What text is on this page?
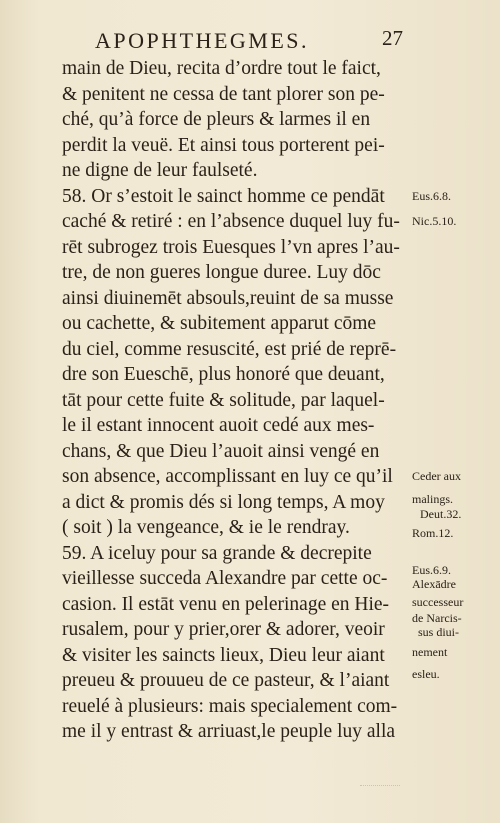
APOPHTHEGMES.	27
main de Dieu, recita d’ordre tout le faict,
& penitent ne cessa de tant plorer son pe-
ché, qu’à force de pleurs & larmes il en
perdit la veuë. Et ainsi tous porterent pei-
ne digne de leur faulseté.
58. Or s’estoit le sainct homme ce pendāt
caché & retiré : en l’absence duquel luy fu-
rēt subrogez trois Euesques l’vn apres l’au-
tre, de non gueres longue duree. Luy dōc
ainsi diuinemēt absouls,reuint de sa musse
ou cachette, & subitement apparut cōme
du ciel, comme resuscité, est prié de reprē-
dre son Eueschē, plus honoré que deuant,
tāt pour cette fuite & solitude, par laquel-
le il estant innocent auoit cedé aux mes-
chans, & que Dieu l’auoit ainsi vengé en
son absence, accomplissant en luy ce qu’il
a dict & promis dés si long temps, A moy
( soit ) la vengeance, & ie le rendray.
59. A iceluy pour sa grande & decrepite
vieillesse succeda Alexandre par cette oc-
casion. Il estāt venu en pelerinage en Hie-
rusalem, pour y prier,orer & adorer, veoir
& visiter les saincts lieux, Dieu leur aiant
preueu & prouueu de ce pasteur, & l’aiant
reuelé à plusieurs: mais specialement com-
me il y entrast & arriuast,le peuple luy alla
Eus.6.8.
Nic.5.10.
Ceder aux
malings.
Deut.32.
Rom.12.
Eus.6.9.
Alexādre
successeur
de Narcis-
sus diui-
nement
esleu.
